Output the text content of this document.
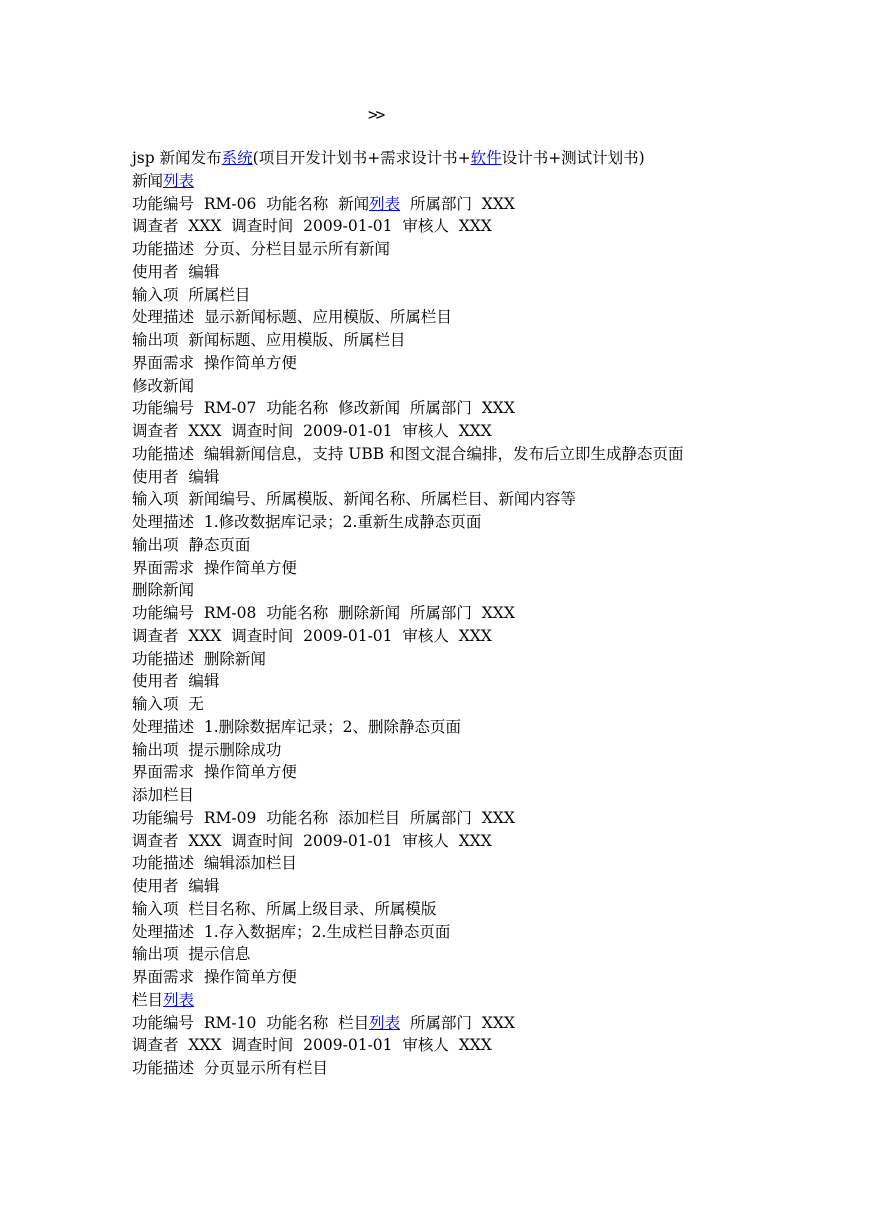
>>
jsp 新闻发布系统(项目开发计划书+需求设计书+软件设计书+测试计划书)
新闻列表
功能编号  RM-06  功能名称  新闻列表  所属部门  XXX
调查者  XXX  调查时间  2009-01-01  审核人  XXX
功能描述  分页、分栏目显示所有新闻
使用者  编辑
输入项  所属栏目
处理描述  显示新闻标题、应用模版、所属栏目
输出项  新闻标题、应用模版、所属栏目
界面需求  操作简单方便
修改新闻
功能编号  RM-07  功能名称  修改新闻  所属部门  XXX
调查者  XXX  调查时间  2009-01-01  审核人  XXX
功能描述  编辑新闻信息，支持 UBB 和图文混合编排，发布后立即生成静态页面
使用者  编辑
输入项  新闻编号、所属模版、新闻名称、所属栏目、新闻内容等
处理描述  1.修改数据库记录；2.重新生成静态页面
输出项  静态页面
界面需求  操作简单方便
删除新闻
功能编号  RM-08  功能名称  删除新闻  所属部门  XXX
调查者  XXX  调查时间  2009-01-01  审核人  XXX
功能描述  删除新闻
使用者  编辑
输入项  无
处理描述  1.删除数据库记录；2、删除静态页面
输出项  提示删除成功
界面需求  操作简单方便
添加栏目
功能编号  RM-09  功能名称  添加栏目  所属部门  XXX
调查者  XXX  调查时间  2009-01-01  审核人  XXX
功能描述  编辑添加栏目
使用者  编辑
输入项  栏目名称、所属上级目录、所属模版
处理描述  1.存入数据库；2.生成栏目静态页面
输出项  提示信息
界面需求  操作简单方便
栏目列表
功能编号  RM-10  功能名称  栏目列表  所属部门  XXX
调查者  XXX  调查时间  2009-01-01  审核人  XXX
功能描述  分页显示所有栏目
